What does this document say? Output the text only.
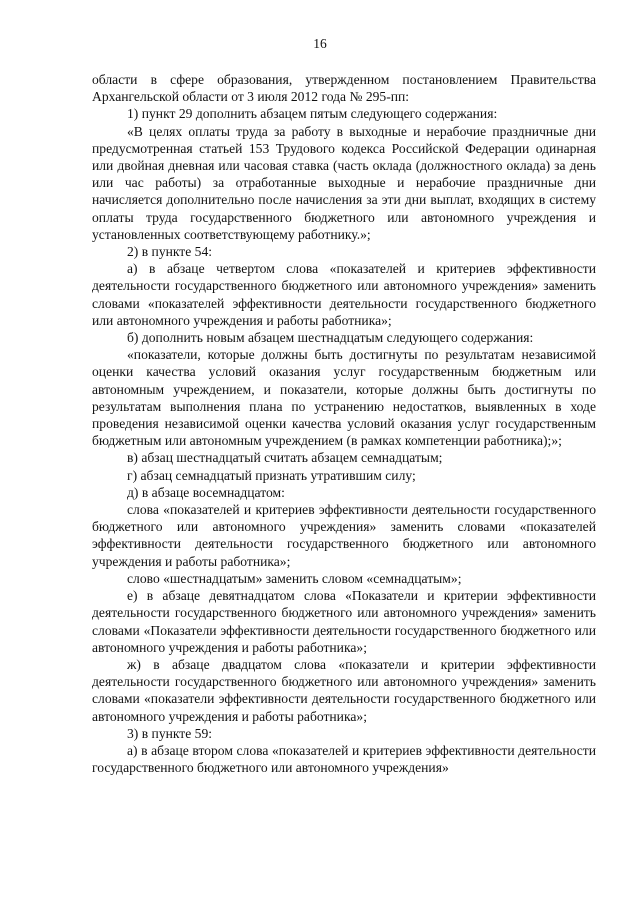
16

области в сфере образования, утвержденном постановлением Правительства Архангельской области от 3 июля 2012 года № 295-пп:

1) пункт 29 дополнить абзацем пятым следующего содержания:

«В целях оплаты труда за работу в выходные и нерабочие праздничные дни предусмотренная статьей 153 Трудового кодекса Российской Федерации одинарная или двойная дневная или часовая ставка (часть оклада (должностного оклада) за день или час работы) за отработанные выходные и нерабочие праздничные дни начисляется дополнительно после начисления за эти дни выплат, входящих в систему оплаты труда государственного бюджетного или автономного учреждения и установленных соответствующему работнику.»;

2) в пункте 54:

а) в абзаце четвертом слова «показателей и критериев эффективности деятельности государственного бюджетного или автономного учреждения» заменить словами «показателей эффективности деятельности государственного бюджетного или автономного учреждения и работы работника»;

б) дополнить новым абзацем шестнадцатым следующего содержания:

«показатели, которые должны быть достигнуты по результатам независимой оценки качества условий оказания услуг государственным бюджетным или автономным учреждением, и показатели, которые должны быть достигнуты по результатам выполнения плана по устранению недостатков, выявленных в ходе проведения независимой оценки качества условий оказания услуг государственным бюджетным или автономным учреждением (в рамках компетенции работника);»;

в) абзац шестнадцатый считать абзацем семнадцатым;

г) абзац семнадцатый признать утратившим силу;

д) в абзаце восемнадцатом:

слова «показателей и критериев эффективности деятельности государственного бюджетного или автономного учреждения» заменить словами «показателей эффективности деятельности государственного бюджетного или автономного учреждения и работы работника»;

слово «шестнадцатым» заменить словом «семнадцатым»;

е) в абзаце девятнадцатом слова «Показатели и критерии эффективности деятельности государственного бюджетного или автономного учреждения» заменить словами «Показатели эффективности деятельности государственного бюджетного или автономного учреждения и работы работника»;

ж) в абзаце двадцатом слова «показатели и критерии эффективности деятельности государственного бюджетного или автономного учреждения» заменить словами «показатели эффективности деятельности государственного бюджетного или автономного учреждения и работы работника»;

3) в пункте 59:

а) в абзаце втором слова «показателей и критериев эффективности деятельности государственного бюджетного или автономного учреждения»
